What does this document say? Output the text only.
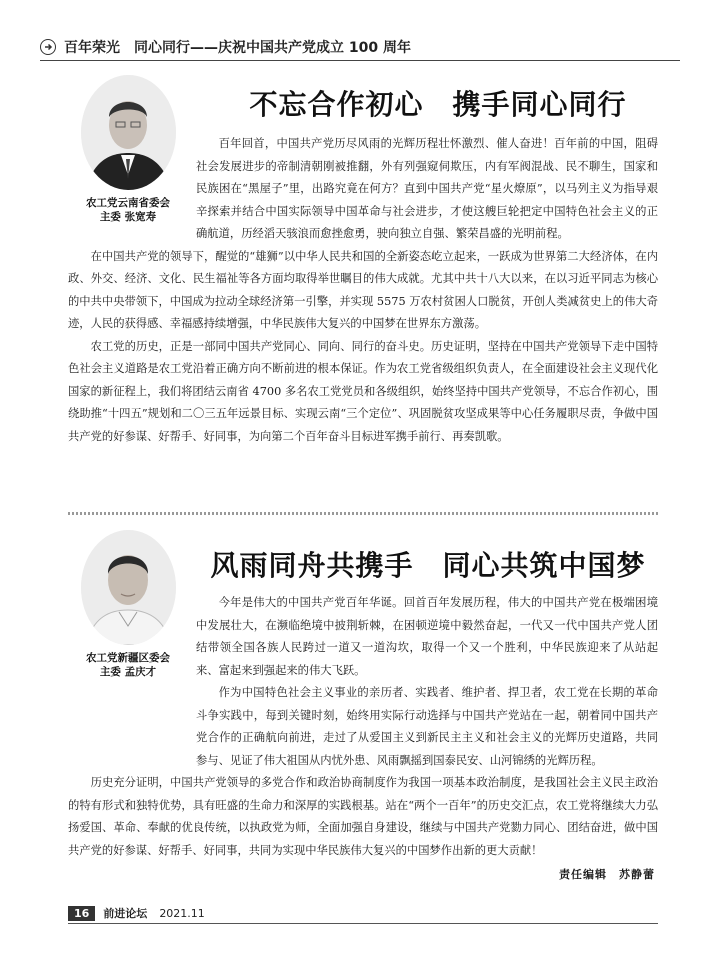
百年荣光　同心同行——庆祝中国共产党成立 100 周年
农工党云南省委会
主委 张宽寿
不忘合作初心　携手同心同行

百年回首，中国共产党历尽风雨的光辉历程壮怀激烈、催人奋进！百年前的中国，阻碍社会发展进步的帝制清朝刚被推翻，外有列强窥伺欺压，内有军阀混战、民不聊生，国家和民族困在“黑屋子”里，出路究竟在何方？直到中国共产党“星火燎原”，以马列主义为指导艰辛探索并结合中国实际领导中国革命与社会进步，才使这艘巨轮把定中国特色社会主义的正确航道，历经滔天骇浪而愈挫愈勇，驶向独立自强、繁荣昌盛的光明前程。

在中国共产党的领导下，醒觉的“雄狮”以中华人民共和国的全新姿态屹立起来，一跃成为世界第二大经济体，在内政、外交、经济、文化、民生福祉等各方面均取得举世瞩目的伟大成就。尤其中共十八大以来，在以习近平同志为核心的中共中央带领下，中国成为拉动全球经济第一引擎，并实现 5575 万农村贫困人口脱贫，开创人类减贫史上的伟大奇迹，人民的获得感、幸福感持续增强，中华民族伟大复兴的中国梦在世界东方激荡。

农工党的历史，正是一部同中国共产党同心、同向、同行的奋斗史。历史证明，坚持在中国共产党领导下走中国特色社会主义道路是农工党沿着正确方向不断前进的根本保证。作为农工党省级组织负责人，在全面建设社会主义现代化国家的新征程上，我们将团结云南省 4700 多名农工党党员和各级组织，始终坚持中国共产党领导，不忘合作初心，围绕助推“十四五”规划和二〇三五年远景目标、实现云南“三个定位”、巩固脱贫攻坚成果等中心任务履职尽责，争做中国共产党的好参谋、好帮手、好同事，为向第二个百年奋斗目标进军携手前行、再奏凯歌。

农工党新疆区委会
主委 孟庆才
风雨同舟共携手　同心共筑中国梦

今年是伟大的中国共产党百年华诞。回首百年发展历程，伟大的中国共产党在极端困境中发展壮大，在濒临绝境中披荆斩棘，在困顿逆境中毅然奋起，一代又一代中国共产党人团结带领全国各族人民跨过一道又一道沟坎，取得一个又一个胜利，中华民族迎来了从站起来、富起来到强起来的伟大飞跃。

作为中国特色社会主义事业的亲历者、实践者、维护者、捍卫者，农工党在长期的革命斗争实践中，每到关键时刻，始终用实际行动选择与中国共产党站在一起，朝着同中国共产党合作的正确航向前进，走过了从爱国主义到新民主主义和社会主义的光辉历史道路，共同参与、见证了伟大祖国从内忧外患、风雨飘摇到国泰民安、山河锦绣的光辉历程。

历史充分证明，中国共产党领导的多党合作和政治协商制度作为我国一项基本政治制度，是我国社会主义民主政治的特有形式和独特优势，具有旺盛的生命力和深厚的实践根基。站在“两个一百年”的历史交汇点，农工党将继续大力弘扬爱国、革命、奉献的优良传统，以执政党为师，全面加强自身建设，继续与中国共产党勠力同心、团结奋进，做中国共产党的好参谋、好帮手、好同事，共同为实现中华民族伟大复兴的中国梦作出新的更大贡献！

责任编辑　苏静蕾
16	前进论坛 2021.11
